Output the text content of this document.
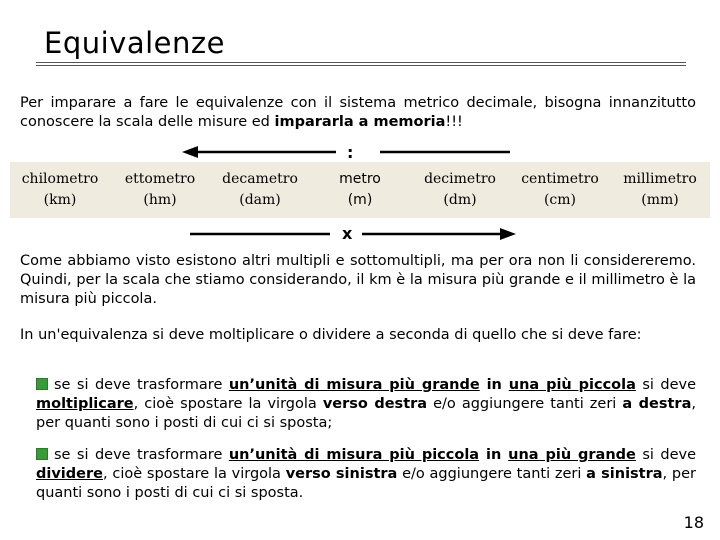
Equivalenze
Per imparare a fare le equivalenze con il sistema metrico decimale, bisogna innanzitutto conoscere la scala delle misure ed impararla a memoria!!!
:
x
chilometro
(km)
ettometro
(hm)
decametro
(dam)
metro
(m)
decimetro
(dm)
centimetro
(cm)
millimetro
(mm)
Come abbiamo visto esistono altri multipli e sottomultipli, ma per ora non li considereremo. Quindi, per la scala che stiamo considerando, il km è la misura più grande e il millimetro è la misura più piccola.
In un'equivalenza si deve moltiplicare o dividere a seconda di quello che si deve fare:
se si deve trasformare un’unità di misura più grande in una più piccola si deve moltiplicare, cioè spostare la virgola verso destra e/o aggiungere tanti zeri a destra, per quanti sono i posti di cui ci si sposta;
se si deve trasformare un’unità di misura più piccola in una più grande si deve dividere, cioè spostare la virgola verso sinistra e/o aggiungere tanti zeri a sinistra, per quanti sono i posti di cui ci si sposta.
18
